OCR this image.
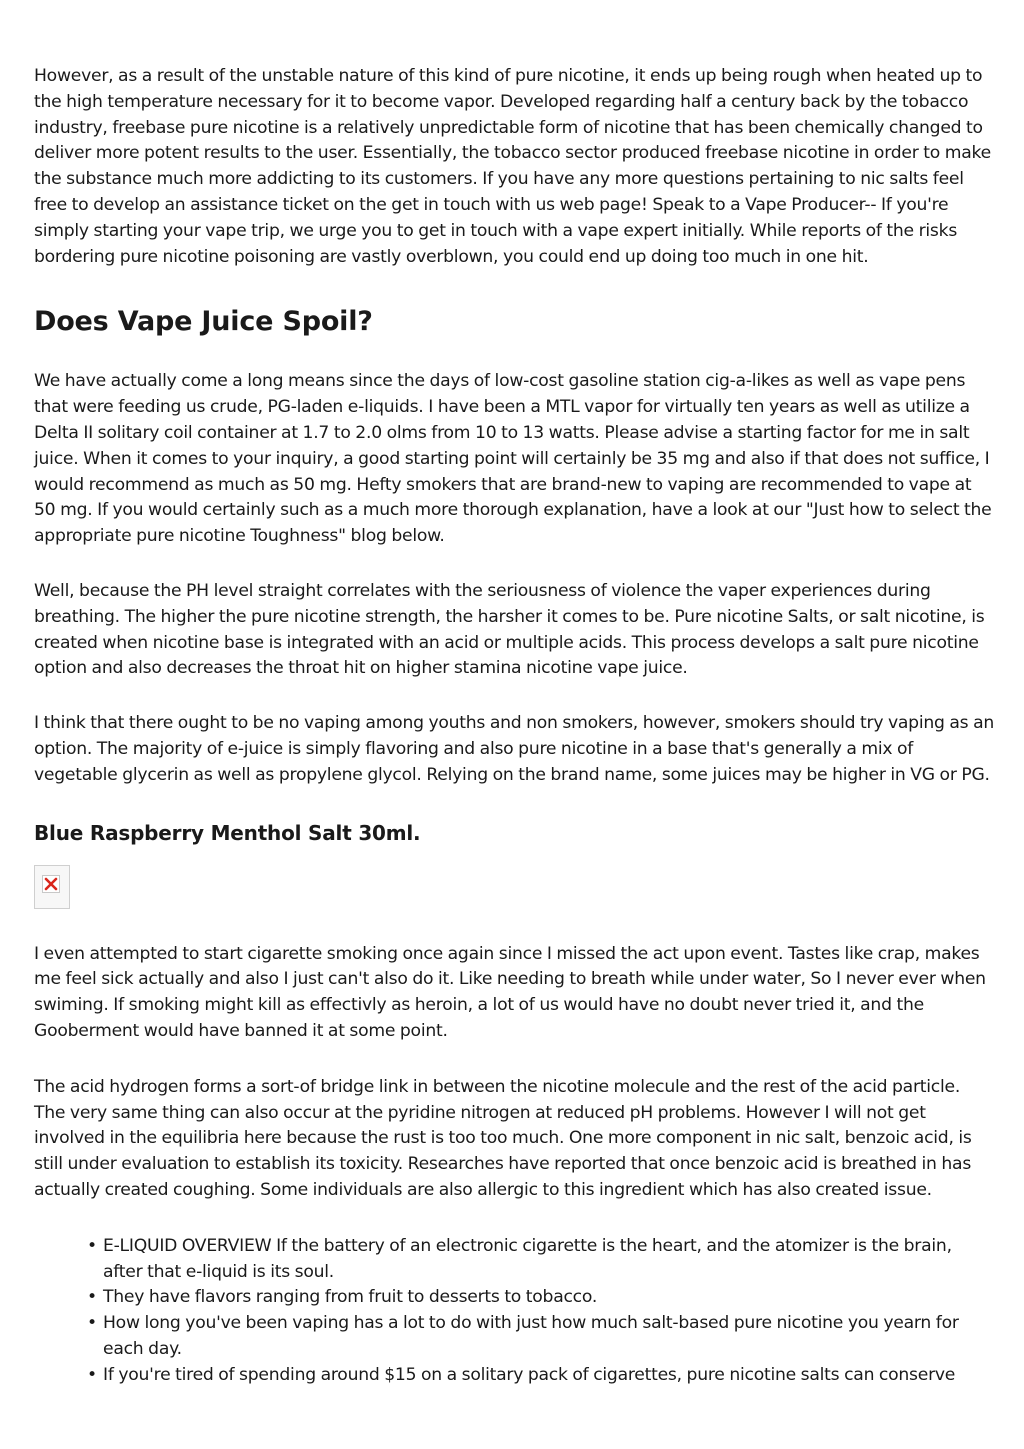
However, as a result of the unstable nature of this kind of pure nicotine, it ends up being rough when heated up to the high temperature necessary for it to become vapor. Developed regarding half a century back by the tobacco industry, freebase pure nicotine is a relatively unpredictable form of nicotine that has been chemically changed to deliver more potent results to the user. Essentially, the tobacco sector produced freebase nicotine in order to make the substance much more addicting to its customers. If you have any more questions pertaining to nic salts feel free to develop an assistance ticket on the get in touch with us web page! Speak to a Vape Producer-- If you're simply starting your vape trip, we urge you to get in touch with a vape expert initially. While reports of the risks bordering pure nicotine poisoning are vastly overblown, you could end up doing too much in one hit.

Does Vape Juice Spoil?

We have actually come a long means since the days of low-cost gasoline station cig-a-likes as well as vape pens that were feeding us crude, PG-laden e-liquids. I have been a MTL vapor for virtually ten years as well as utilize a Delta II solitary coil container at 1.7 to 2.0 olms from 10 to 13 watts. Please advise a starting factor for me in salt juice. When it comes to your inquiry, a good starting point will certainly be 35 mg and also if that does not suffice, I would recommend as much as 50 mg. Hefty smokers that are brand-new to vaping are recommended to vape at 50 mg. If you would certainly such as a much more thorough explanation, have a look at our "Just how to select the appropriate pure nicotine Toughness" blog below.

Well, because the PH level straight correlates with the seriousness of violence the vaper experiences during breathing. The higher the pure nicotine strength, the harsher it comes to be. Pure nicotine Salts, or salt nicotine, is created when nicotine base is integrated with an acid or multiple acids. This process develops a salt pure nicotine option and also decreases the throat hit on higher stamina nicotine vape juice.

I think that there ought to be no vaping among youths and non smokers, however, smokers should try vaping as an option. The majority of e-juice is simply flavoring and also pure nicotine in a base that's generally a mix of vegetable glycerin as well as propylene glycol. Relying on the brand name, some juices may be higher in VG or PG.

Blue Raspberry Menthol Salt 30ml.

I even attempted to start cigarette smoking once again since I missed the act upon event. Tastes like crap, makes me feel sick actually and also I just can't also do it. Like needing to breath while under water, So I never ever when swiming. If smoking might kill as effectivly as heroin, a lot of us would have no doubt never tried it, and the Gooberment would have banned it at some point.

The acid hydrogen forms a sort-of bridge link in between the nicotine molecule and the rest of the acid particle. The very same thing can also occur at the pyridine nitrogen at reduced pH problems. However I will not get involved in the equilibria here because the rust is too too much. One more component in nic salt, benzoic acid, is still under evaluation to establish its toxicity. Researches have reported that once benzoic acid is breathed in has actually created coughing. Some individuals are also allergic to this ingredient which has also created issue.

• E-LIQUID OVERVIEW If the battery of an electronic cigarette is the heart, and the atomizer is the brain, after that e-liquid is its soul.
• They have flavors ranging from fruit to desserts to tobacco.
• How long you've been vaping has a lot to do with just how much salt-based pure nicotine you yearn for each day.
• If you're tired of spending around $15 on a solitary pack of cigarettes, pure nicotine salts can conserve
